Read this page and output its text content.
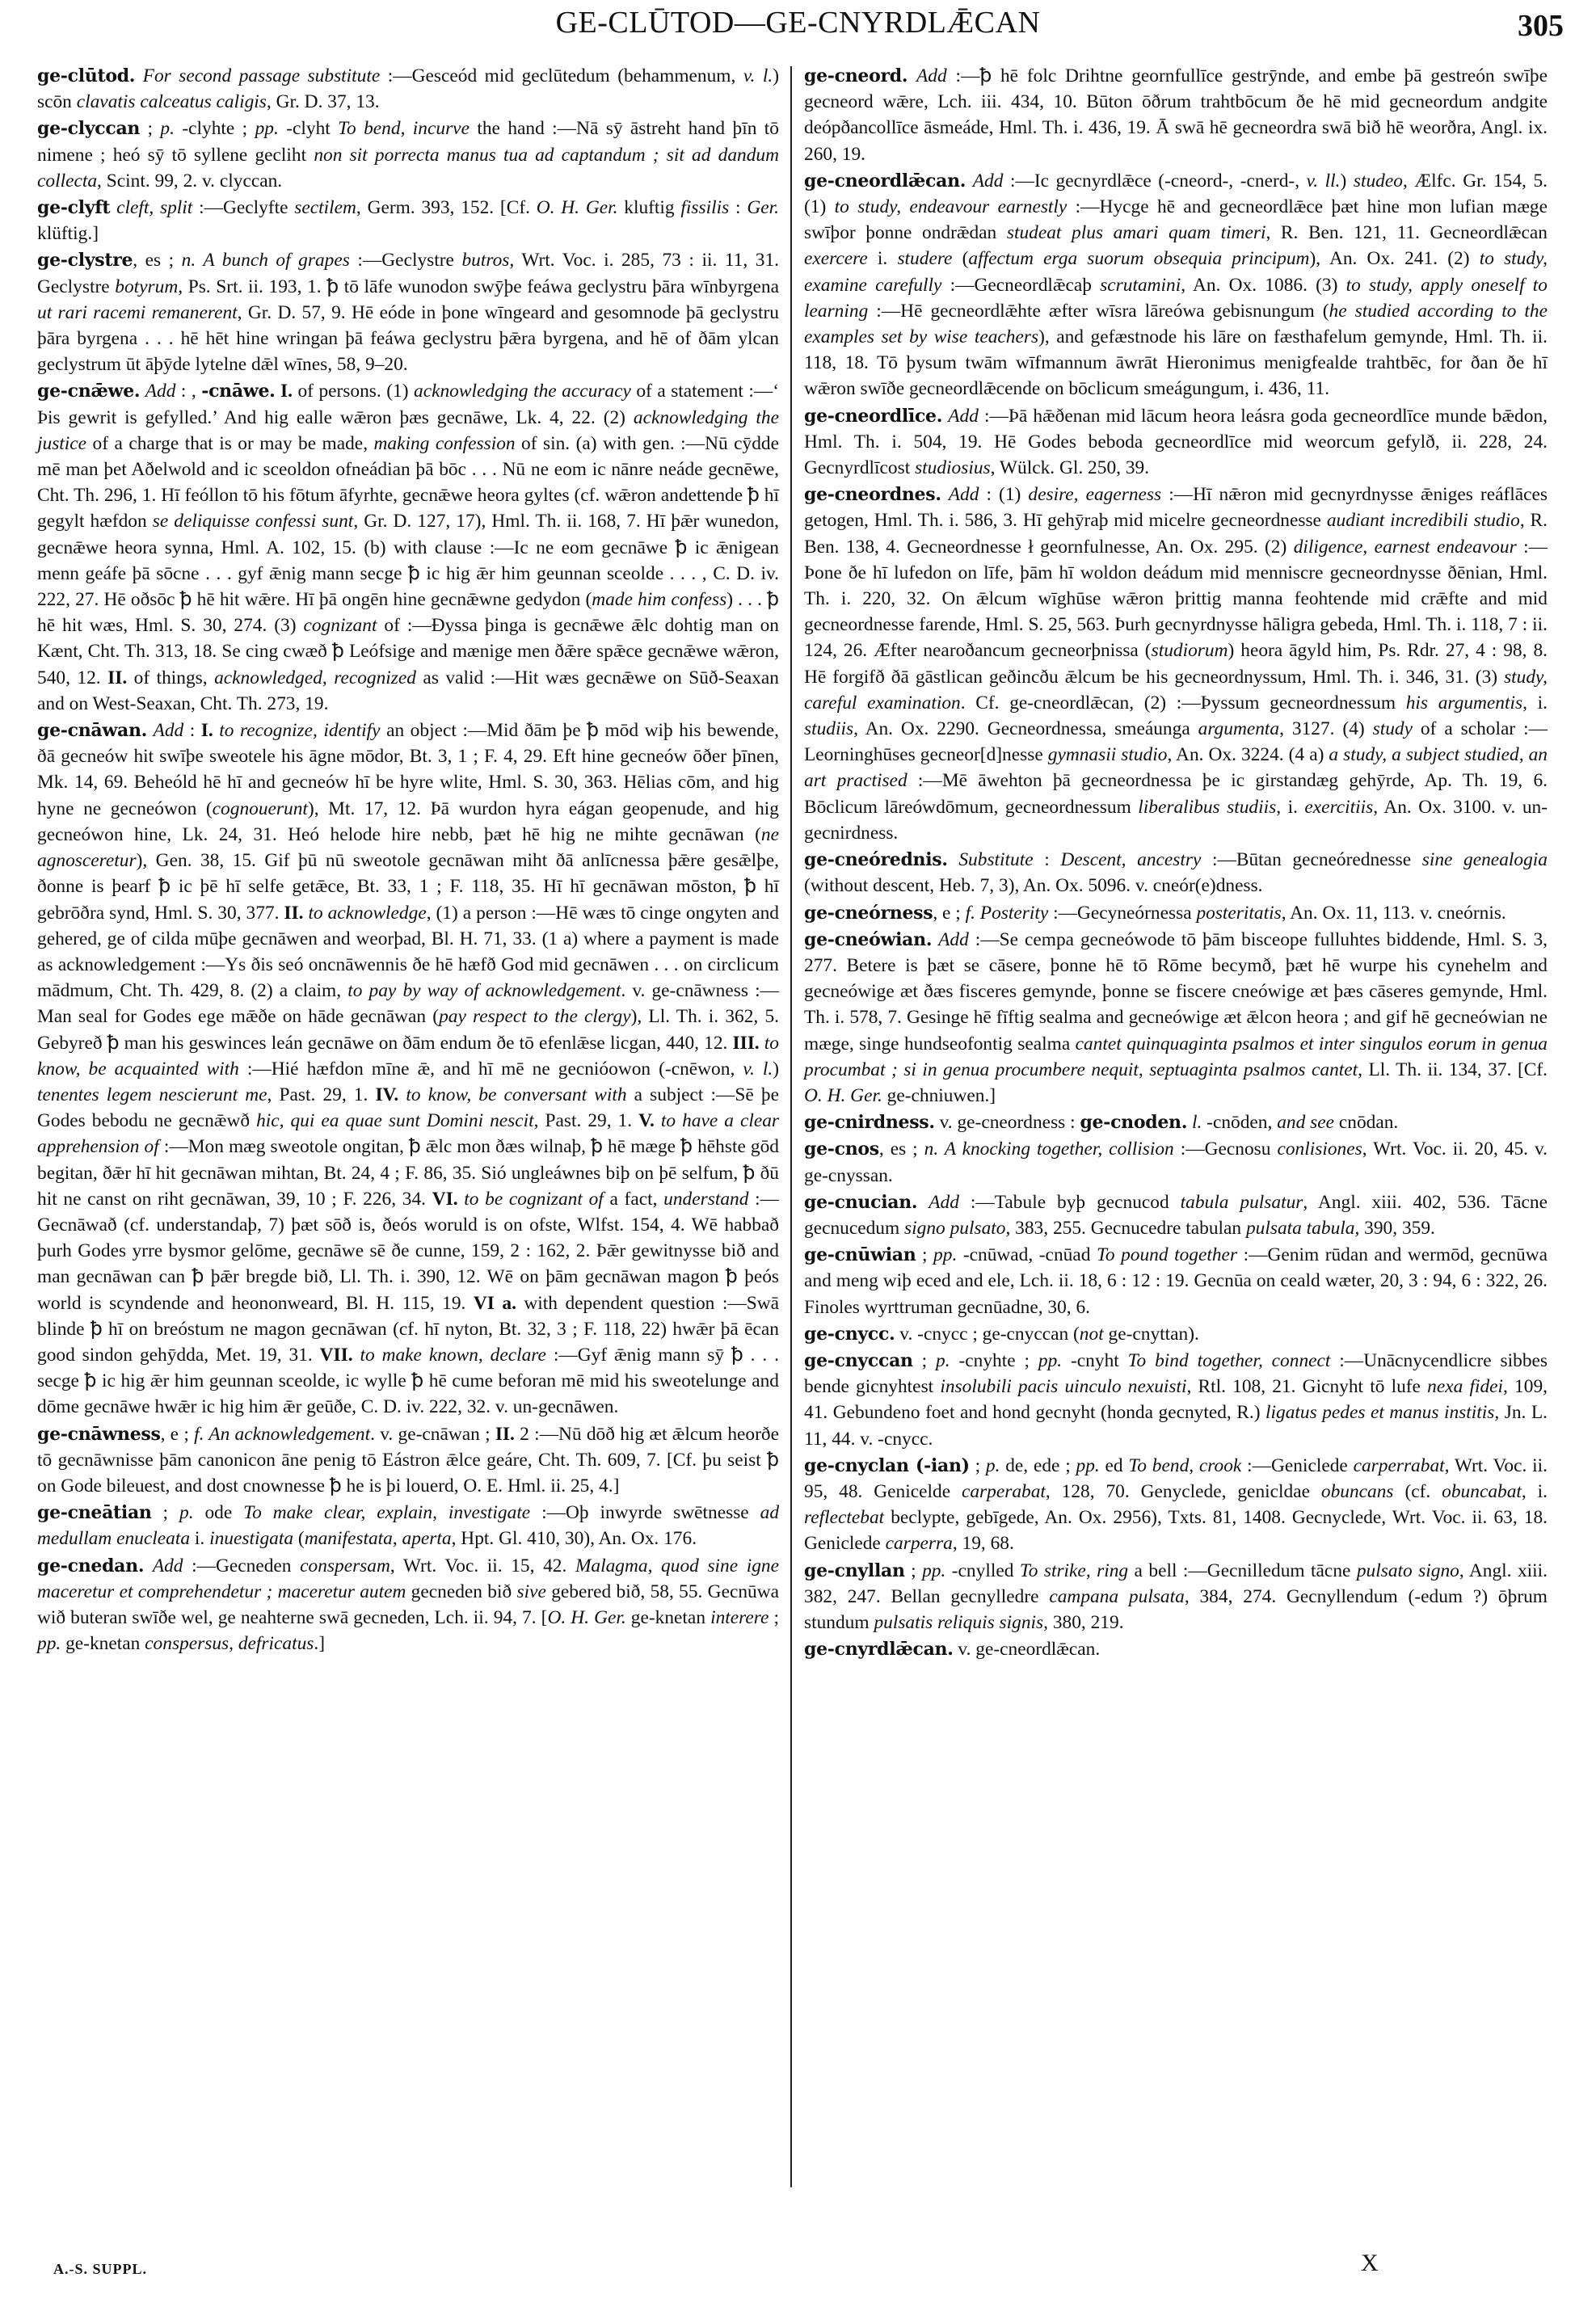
GE-CLŪTOD—GE-CNYRDLǢCAN	305

ge-clūtod. For second passage substitute :—Gesceód mid geclūtedum (behammenum, v. l.) scōn clavatis calceatus caligis, Gr. D. 37, 13.

ge-clyccan ; p. -clyhte ; pp. -clyht To bend, incurve the hand :—Nā sȳ āstreht hand þīn tō nimene ; heó sȳ tō syllene gecliht non sit porrecta manus tua ad captandum ; sit ad dandum collecta, Scint. 99, 2. v. clyccan.

ge-clyft cleft, split :—Geclyfte sectilem, Germ. 393, 152. [Cf. O. H. Ger. kluftig fissilis : Ger. klüftig.]

ge-clystre, es ; n. A bunch of grapes :—Geclystre butros, Wrt. Voc. i. 285, 73 : ii. 11, 31. Geclystre botyrum, Ps. Srt. ii. 193, 1. ꝥ tō lāfe wunodon swȳþe feáwa geclystru þāra wīnbyrgena ut rari racemi remanerent, Gr. D. 57, 9. Hē eóde in þone wīngeard and gesomnode þā geclystru þāra byrgena . . . hē hēt hine wringan þā feáwa geclystru þǣra byrgena, and hē of ðām ylcan geclystrum ūt āþȳde lytelne dǣl wīnes, 58, 9–20.

ge-cnǣwe. Add : , -cnāwe. I. of persons. (1) acknowledging the accuracy of a statement :—‘ Þis gewrit is gefylled.’ And hig ealle wǣron þæs gecnāwe, Lk. 4, 22. (2) acknowledging the justice of a charge that is or may be made, making confession of sin. (a) with gen. :—Nū cȳdde mē man þet Aðelwold and ic sceoldon ofneádian þā bōc . . . Nū ne eom ic nānre neáde gecnēwe, Cht. Th. 296, 1. Hī feóllon tō his fōtum āfyrhte, gecnǣwe heora gyltes (cf. wǣron andettende ꝥ hī gegylt hæfdon se deliquisse confessi sunt, Gr. D. 127, 17), Hml. Th. ii. 168, 7. Hī þǣr wunedon, gecnǣwe heora synna, Hml. A. 102, 15. (b) with clause :—Ic ne eom gecnāwe ꝥ ic ǣnigean menn geáfe þā sōcne . . . gyf ǣnig mann secge ꝥ ic hig ǣr him geunnan sceolde . . . , C. D. iv. 222, 27. Hē oðsōc ꝥ hē hit wǣre. Hī þā ongēn hine gecnǣwne gedydon (made him confess) . . . ꝥ hē hit wæs, Hml. S. 30, 274. (3) cognizant of :—Ðyssa þinga is gecnǣwe ǣlc dohtig man on Kænt, Cht. Th. 313, 18. Se cing cwæð ꝥ Leófsige and mænige men ðǣre spǣce gecnǣwe wǣron, 540, 12. II. of things, acknowledged, recognized as valid :—Hit wæs gecnǣwe on Sūð-Seaxan and on West-Seaxan, Cht. Th. 273, 19.

ge-cnāwan. Add : I. to recognize, identify an object :—Mid ðām þe ꝥ mōd wiþ his bewende, ðā gecneów hit swīþe sweotele his āgne mōdor, Bt. 3, 1 ; F. 4, 29. Eft hine gecneów ōðer þīnen, Mk. 14, 69. Beheóld hē hī and gecneów hī be hyre wlite, Hml. S. 30, 363. Hēlias cōm, and hig hyne ne gecneówon (cognouerunt), Mt. 17, 12. Þā wurdon hyra eágan geopenude, and hig gecneówon hine, Lk. 24, 31. Heó helode hire nebb, þæt hē hig ne mihte gecnāwan (ne agnosceretur), Gen. 38, 15. Gif þū nū sweotole gecnāwan miht ðā anlīcnessa þǣre gesǣlþe, ðonne is þearf ꝥ ic þē hī selfe getǣce, Bt. 33, 1 ; F. 118, 35. Hī hī gecnāwan mōston, ꝥ hī gebrōðra synd, Hml. S. 30, 377. II. to acknowledge, (1) a person :—Hē wæs tō cinge ongyten and gehered, ge of cilda mūþe gecnāwen and weorþad, Bl. H. 71, 33. (1 a) where a payment is made as acknowledgement :—Ys ðis seó oncnāwennis ðe hē hæfð God mid gecnāwen . . . on circlicum mādmum, Cht. Th. 429, 8. (2) a claim, to pay by way of acknowledgement. v. ge-cnāwness :—Man seal for Godes ege mǣðe on hāde gecnāwan (pay respect to the clergy), Ll. Th. i. 362, 5. Gebyreð ꝥ man his geswinces leán gecnāwe on ðām endum ðe tō efenlǣse licgan, 440, 12. III. to know, be acquainted with :—Hié hæfdon mīne ǣ, and hī mē ne gecnióowon (-cnēwon, v. l.) tenentes legem nescierunt me, Past. 29, 1. IV. to know, be conversant with a subject :—Sē þe Godes bebodu ne gecnǣwð hic, qui ea quae sunt Domini nescit, Past. 29, 1. V. to have a clear apprehension of :—Mon mæg sweotole ongitan, ꝥ ǣlc mon ðæs wilnaþ, ꝥ hē mæge ꝥ hēhste gōd begitan, ðǣr hī hit gecnāwan mihtan, Bt. 24, 4 ; F. 86, 35. Sió ungleáwnes biþ on þē selfum, ꝥ ðū hit ne canst on riht gecnāwan, 39, 10 ; F. 226, 34. VI. to be cognizant of a fact, understand :—Gecnāwað (cf. understandaþ, 7) þæt sōð is, ðeós woruld is on ofste, Wlfst. 154, 4. Wē habbað þurh Godes yrre bysmor gelōme, gecnāwe sē ðe cunne, 159, 2 : 162, 2. Þǣr gewitnysse bið and man gecnāwan can ꝥ þǣr bregde bið, Ll. Th. i. 390, 12. Wē on þām gecnāwan magon ꝥ þeós world is scyndende and heononweard, Bl. H. 115, 19. VI a. with dependent question :—Swā blinde ꝥ hī on breóstum ne magon gecnāwan (cf. hī nyton, Bt. 32, 3 ; F. 118, 22) hwǣr þā ēcan good sindon gehȳdda, Met. 19, 31. VII. to make known, declare :—Gyf ǣnig mann sȳ ꝥ . . . secge ꝥ ic hig ǣr him geunnan sceolde, ic wylle ꝥ hē cume beforan mē mid his sweotelunge and dōme gecnāwe hwǣr ic hig him ǣr geūðe, C. D. iv. 222, 32. v. un-gecnāwen.

ge-cnāwness, e ; f. An acknowledgement. v. ge-cnāwan ; II. 2 :—Nū dōð hig æt ǣlcum heorðe tō gecnāwnisse þām canonicon āne penig tō Eástron ǣlce geáre, Cht. Th. 609, 7. [Cf. þu seist ꝥ on Gode bileuest, and dost cnownesse ꝥ he is þi louerd, O. E. Hml. ii. 25, 4.]

ge-cneātian ; p. ode To make clear, explain, investigate :—Oþ inwyrde swētnesse ad medullam enucleata i. inuestigata (manifestata, aperta, Hpt. Gl. 410, 30), An. Ox. 176.

ge-cnedan. Add :—Gecneden conspersam, Wrt. Voc. ii. 15, 42. Malagma, quod sine igne maceretur et comprehendetur ; maceretur autem gecneden bið sive gebered bið, 58, 55. Gecnūwa wið buteran swīðe wel, ge neahterne swā gecneden, Lch. ii. 94, 7. [O. H. Ger. ge-knetan interere ; pp. ge-knetan conspersus, defricatus.]

ge-cneord. Add :—ꝥ hē folc Drihtne geornfullīce gestrȳnde, and embe þā gestreón swīþe gecneord wǣre, Lch. iii. 434, 10. Būton ōðrum trahtbōcum ðe hē mid gecneordum andgite deópðancollīce āsmeáde, Hml. Th. i. 436, 19. Ā swā hē gecneordra swā bið hē weorðra, Angl. ix. 260, 19.

ge-cneordlǣcan. Add :—Ic gecnyrdlǣce (-cneord-, -cnerd-, v. ll.) studeo, Ælfc. Gr. 154, 5. (1) to study, endeavour earnestly :—Hycge hē and gecneordlǣce þæt hine mon lufian mæge swīþor þonne ondrǣdan studeat plus amari quam timeri, R. Ben. 121, 11. Gecneordlǣcan exercere i. studere (affectum erga suorum obsequia principum), An. Ox. 241. (2) to study, examine carefully :—Gecneordlǣcaþ scrutamini, An. Ox. 1086. (3) to study, apply oneself to learning :—Hē gecneordlǣhte æfter wīsra lāreówa gebisnungum (he studied according to the examples set by wise teachers), and gefæstnode his lāre on fæsthafelum gemynde, Hml. Th. ii. 118, 18. Tō þysum twām wīfmannum āwrāt Hieronimus menigfealde trahtbēc, for ðan ðe hī wǣron swīðe gecneordlǣcende on bōclicum smeágungum, i. 436, 11.

ge-cneordlīce. Add :—Þā hǣðenan mid lācum heora leásra goda gecneordlīce munde bǣdon, Hml. Th. i. 504, 19. Hē Godes beboda gecneordlīce mid weorcum gefylð, ii. 228, 24. Gecnyrdlīcost studiosius, Wülck. Gl. 250, 39.

ge-cneordnes. Add : (1) desire, eagerness :—Hī nǣron mid gecnyrdnysse ǣniges reáflāces getogen, Hml. Th. i. 586, 3. Hī gehȳraþ mid micelre gecneordnesse audiant incredibili studio, R. Ben. 138, 4. Gecneordnesse ł geornfulnesse, An. Ox. 295. (2) diligence, earnest endeavour :—Þone ðe hī lufedon on līfe, þām hī woldon deádum mid menniscre gecneordnysse ðēnian, Hml. Th. i. 220, 32. On ǣlcum wīghūse wǣron þrittig manna feohtende mid crǣfte and mid gecneordnesse farende, Hml. S. 25, 563. Þurh gecnyrdnysse hāligra gebeda, Hml. Th. i. 118, 7 : ii. 124, 26. Æfter nearoðancum gecneorþnissa (studiorum) heora āgyld him, Ps. Rdr. 27, 4 : 98, 8. Hē forgifð ðā gāstlican geðincðu ǣlcum be his gecneordnyssum, Hml. Th. i. 346, 31. (3) study, careful examination. Cf. ge-cneordlǣcan, (2) :—Þyssum gecneordnessum his argumentis, i. studiis, An. Ox. 2290. Gecneordnessa, smeáunga argumenta, 3127. (4) study of a scholar :—Leorninghūses gecneor[d]nesse gymnasii studio, An. Ox. 3224. (4 a) a study, a subject studied, an art practised :—Mē āwehton þā gecneordnessa þe ic girstandæg gehȳrde, Ap. Th. 19, 6. Bōclicum lāreówdōmum, gecneordnessum liberalibus studiis, i. exercitiis, An. Ox. 3100. v. un-gecnirdness.

ge-cneórednis. Substitute : Descent, ancestry :—Būtan gecneórednesse sine genealogia (without descent, Heb. 7, 3), An. Ox. 5096. v. cneór(e)dness.

ge-cneórness, e ; f. Posterity :—Gecyneórnessa posteritatis, An. Ox. 11, 113. v. cneórnis.

ge-cneówian. Add :—Se cempa gecneówode tō þām bisceope fulluhtes biddende, Hml. S. 3, 277. Betere is þæt se cāsere, þonne hē tō Rōme becymð, þæt hē wurpe his cynehelm and gecneówige æt ðæs fisceres gemynde, þonne se fiscere cneówige æt þæs cāseres gemynde, Hml. Th. i. 578, 7. Gesinge hē fīftig sealma and gecneówige æt ǣlcon heora ; and gif hē gecneówian ne mæge, singe hundseofontig sealma cantet quinquaginta psalmos et inter singulos eorum in genua procumbat ; si in genua procumbere nequit, septuaginta psalmos cantet, Ll. Th. ii. 134, 37. [Cf. O. H. Ger. ge-chniuwen.]

ge-cnirdness. v. ge-cneordness : ge-cnoden. l. -cnōden, and see cnōdan.

ge-cnos, es ; n. A knocking together, collision :—Gecnosu conlisiones, Wrt. Voc. ii. 20, 45. v. ge-cnyssan.

ge-cnucian. Add :—Tabule byþ gecnucod tabula pulsatur, Angl. xiii. 402, 536. Tācne gecnucedum signo pulsato, 383, 255. Gecnucedre tabulan pulsata tabula, 390, 359.

ge-cnūwian ; pp. -cnūwad, -cnūad To pound together :—Genim rūdan and wermōd, gecnūwa and meng wiþ eced and ele, Lch. ii. 18, 6 : 12 : 19. Gecnūa on ceald wæter, 20, 3 : 94, 6 : 322, 26. Finoles wyrttruman gecnūadne, 30, 6.

ge-cnycc. v. -cnycc ; ge-cnyccan (not ge-cnyttan).

ge-cnyccan ; p. -cnyhte ; pp. -cnyht To bind together, connect :—Unācnycendlicre sibbes bende gicnyhtest insolubili pacis uinculo nexuisti, Rtl. 108, 21. Gicnyht tō lufe nexa fidei, 109, 41. Gebundeno foet and hond gecnyht (honda gecnyted, R.) ligatus pedes et manus institis, Jn. L. 11, 44. v. -cnycc.

ge-cnyclan (-ian) ; p. de, ede ; pp. ed To bend, crook :—Geniclede carperrabat, Wrt. Voc. ii. 95, 48. Genicelde carperabat, 128, 70. Genyclede, genicldae obuncans (cf. obuncabat, i. reflectebat beclypte, gebīgede, An. Ox. 2956), Txts. 81, 1408. Gecnyclede, Wrt. Voc. ii. 63, 18. Geniclede carperra, 19, 68.

ge-cnyllan ; pp. -cnylled To strike, ring a bell :—Gecnilledum tācne pulsato signo, Angl. xiii. 382, 247. Bellan gecnylledre campana pulsata, 384, 274. Gecnyllendum (-edum ?) ōþrum stundum pulsatis reliquis signis, 380, 219.

ge-cnyrdlǣcan. v. ge-cneordlǣcan.

A.-S. SUPPL.	X
